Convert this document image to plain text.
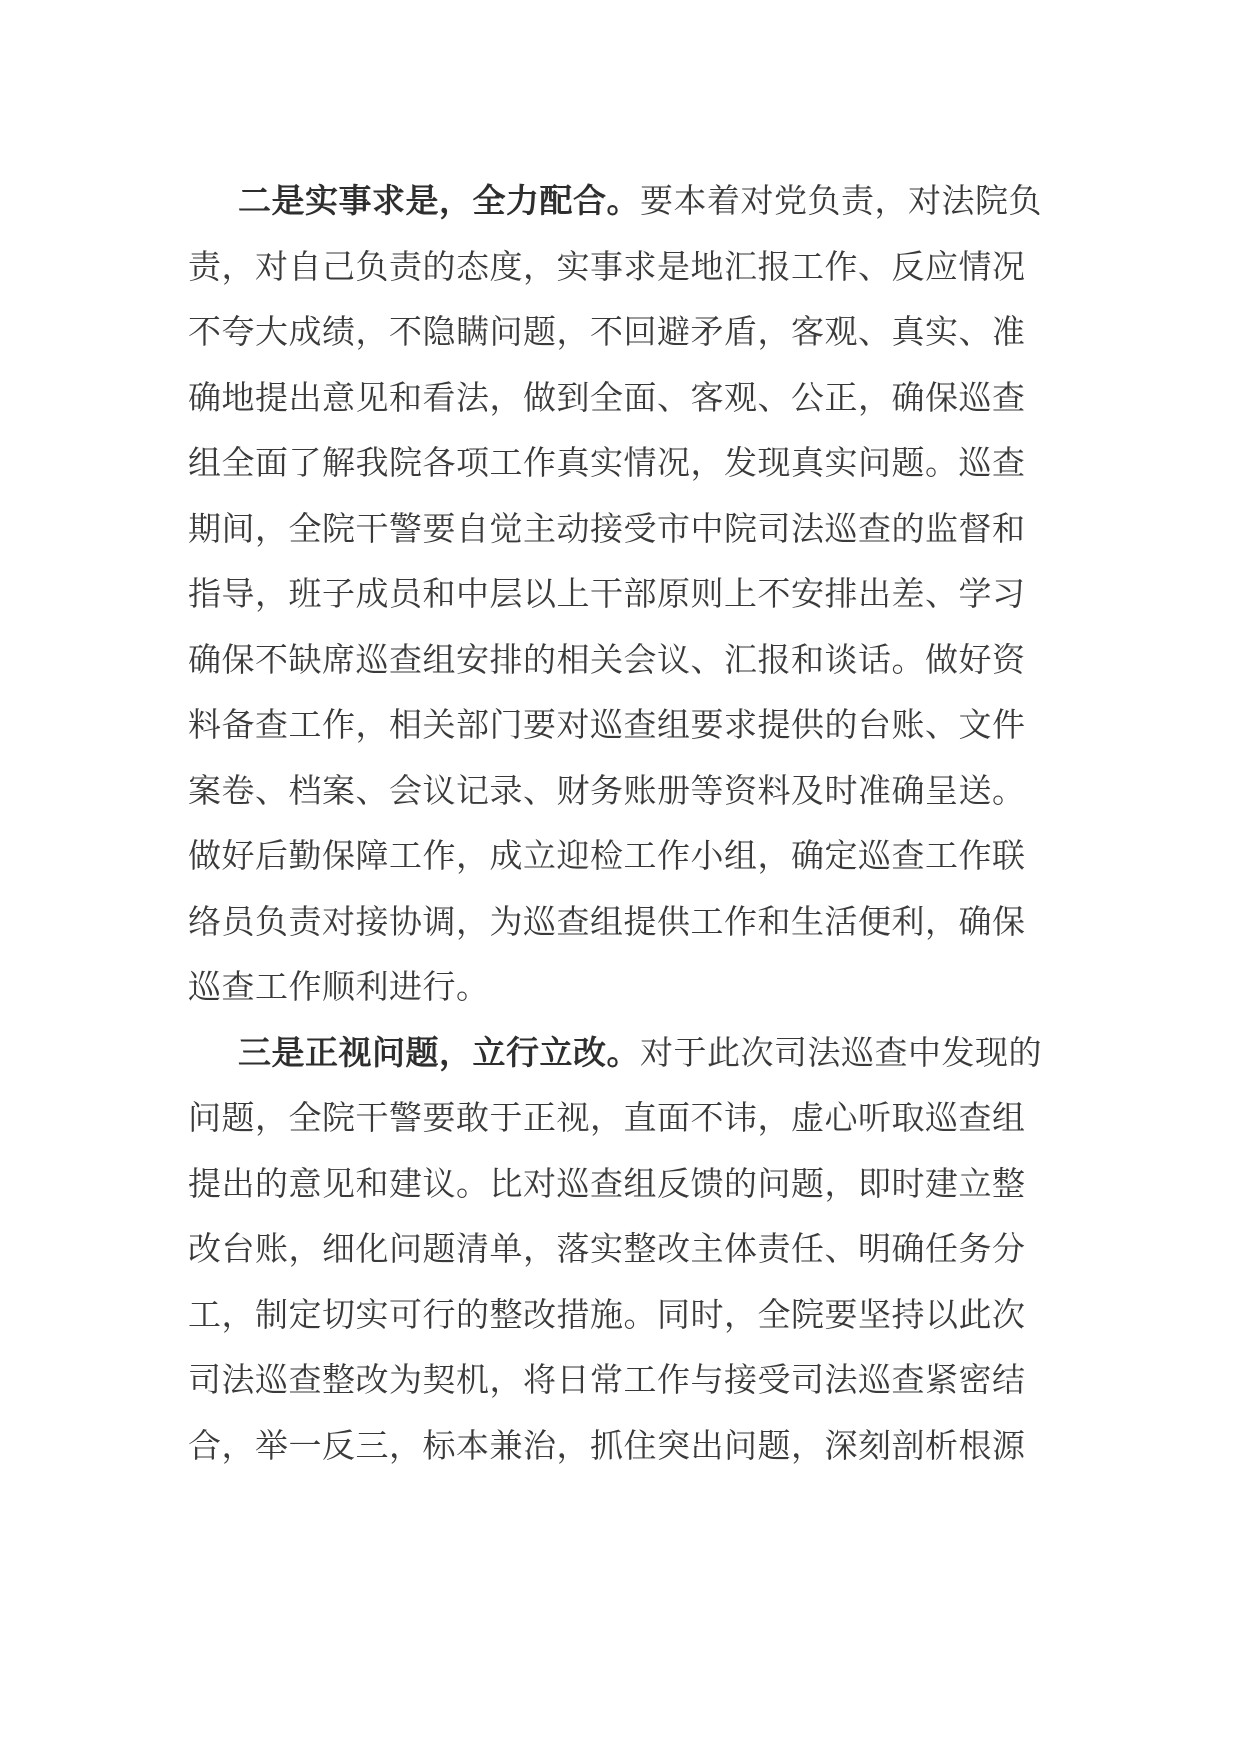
二是实事求是，全力配合。要本着对党负责，对法院负
责，对自己负责的态度，实事求是地汇报工作、反应情况
不夸大成绩，不隐瞒问题，不回避矛盾，客观、真实、准
确地提出意见和看法，做到全面、客观、公正，确保巡查
组全面了解我院各项工作真实情况，发现真实问题。巡查
期间，全院干警要自觉主动接受市中院司法巡查的监督和
指导，班子成员和中层以上干部原则上不安排出差、学习
确保不缺席巡查组安排的相关会议、汇报和谈话。做好资
料备查工作，相关部门要对巡查组要求提供的台账、文件
案卷、档案、会议记录、财务账册等资料及时准确呈送。
做好后勤保障工作，成立迎检工作小组，确定巡查工作联
络员负责对接协调，为巡查组提供工作和生活便利，确保
巡查工作顺利进行。
三是正视问题，立行立改。对于此次司法巡查中发现的
问题，全院干警要敢于正视，直面不讳，虚心听取巡查组
提出的意见和建议。比对巡查组反馈的问题，即时建立整
改台账，细化问题清单，落实整改主体责任、明确任务分
工，制定切实可行的整改措施。同时，全院要坚持以此次
司法巡查整改为契机，将日常工作与接受司法巡查紧密结
合，举一反三，标本兼治，抓住突出问题，深刻剖析根源
